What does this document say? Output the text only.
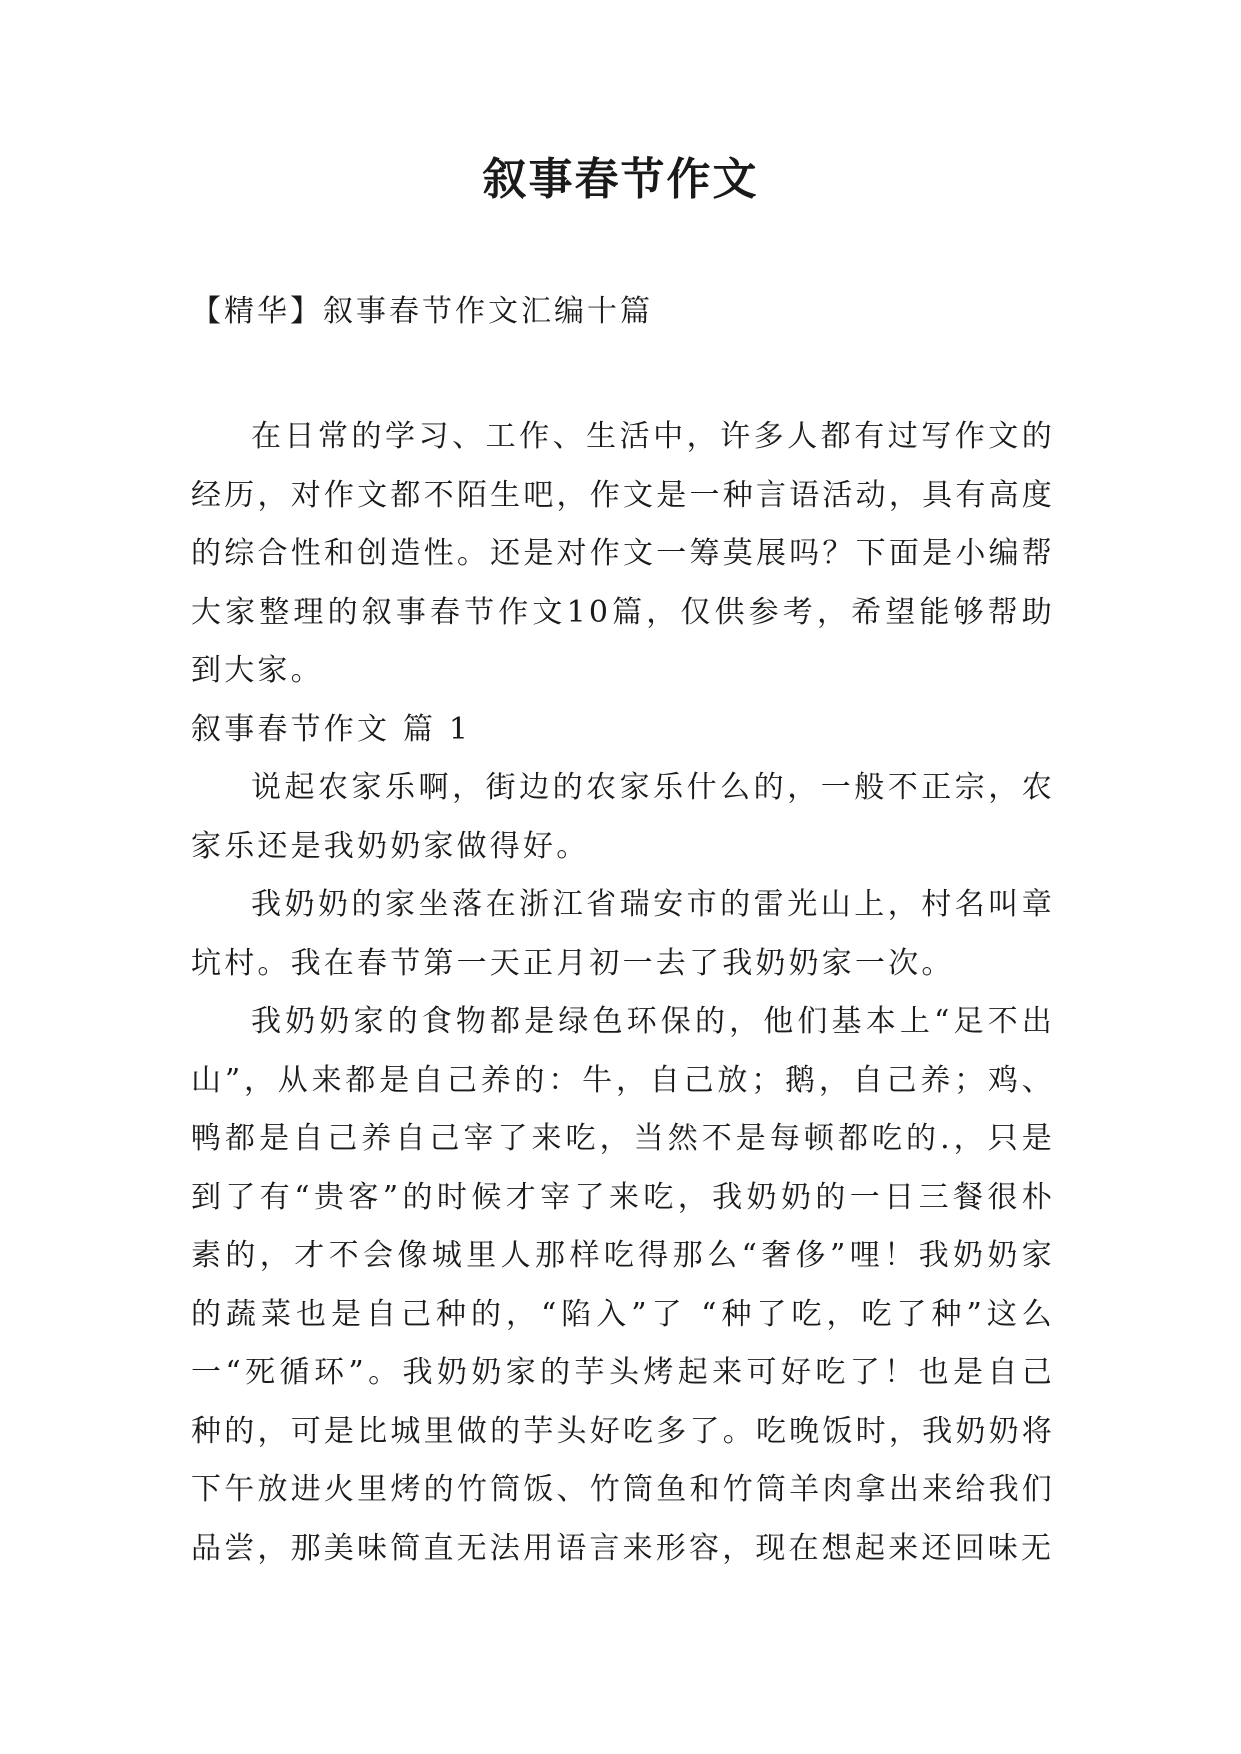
叙事春节作文
【精华】叙事春节作文汇编十篇

在日常的学习、工作、生活中，许多人都有过写作文的经历，对作文都不陌生吧，作文是一种言语活动，具有高度的综合性和创造性。还是对作文一筹莫展吗？下面是小编帮大家整理的叙事春节作文10篇，仅供参考，希望能够帮助到大家。

叙事春节作文 篇 1

说起农家乐啊，街边的农家乐什么的，一般不正宗，农家乐还是我奶奶家做得好。

我奶奶的家坐落在浙江省瑞安市的雷光山上，村名叫章坑村。我在春节第一天正月初一去了我奶奶家一次。

我奶奶家的食物都是绿色环保的，他们基本上“足不出山”，从来都是自己养的：牛，自己放；鹅，自己养；鸡、鸭都是自己养自己宰了来吃，当然不是每顿都吃的.，只是到了有“贵客”的时候才宰了来吃，我奶奶的一日三餐很朴素的，才不会像城里人那样吃得那么“奢侈”哩！我奶奶家的蔬菜也是自己种的，“陷入”了 “种了吃，吃了种”这么一“死循环”。我奶奶家的芋头烤起来可好吃了！也是自己种的，可是比城里做的芋头好吃多了。吃晚饭时，我奶奶将下午放进火里烤的竹筒饭、竹筒鱼和竹筒羊肉拿出来给我们品尝，那美味简直无法用语言来形容，现在想起来还回味无
